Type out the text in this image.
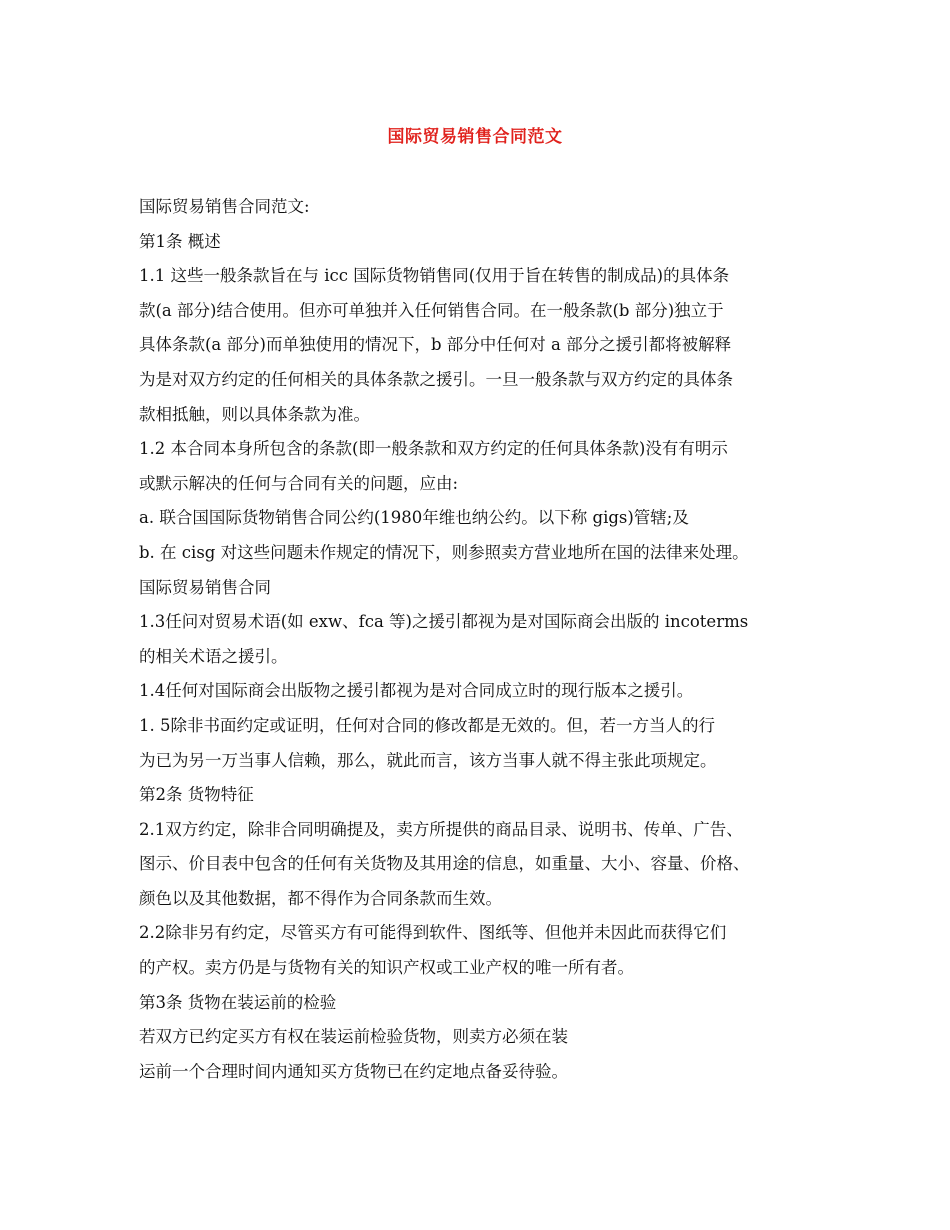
国际贸易销售合同范文
国际贸易销售合同范文:
第1条 概述
1.1 这些一般条款旨在与 icc 国际货物销售同(仅用于旨在转售的制成品)的具体条
款(a 部分)结合使用。但亦可单独并入任何销售合同。在一般条款(b 部分)独立于
具体条款(a 部分)而单独使用的情况下，b 部分中任何对 a 部分之援引都将被解释
为是对双方约定的任何相关的具体条款之援引。一旦一般条款与双方约定的具体条
款相抵触，则以具体条款为准。
1.2 本合同本身所包含的条款(即一般条款和双方约定的任何具体条款)没有有明示
或默示解决的任何与合同有关的问题，应由:
a. 联合国国际货物销售合同公约(1980年维也纳公约。以下称 gigs)管辖;及
b. 在 cisg 对这些问题未作规定的情况下，则参照卖方营业地所在国的法律来处理。
国际贸易销售合同
1.3任问对贸易术语(如 exw、fca 等)之援引都视为是对国际商会出版的 incoterms
的相关术语之援引。
1.4任何对国际商会出版物之援引都视为是对合同成立时的现行版本之援引。
1. 5除非书面约定或证明，任何对合同的修改都是无效的。但，若一方当人的行
为已为另一万当事人信赖，那么，就此而言，该方当事人就不得主张此项规定。
第2条 货物特征
2.1双方约定，除非合同明确提及，卖方所提供的商品目录、说明书、传单、广告、
图示、价目表中包含的任何有关货物及其用途的信息，如重量、大小、容量、价格、
颜色以及其他数据，都不得作为合同条款而生效。
2.2除非另有约定，尽管买方有可能得到软件、图纸等、但他并未因此而获得它们
的产权。卖方仍是与货物有关的知识产权或工业产权的唯一所有者。
第3条 货物在装运前的检验
若双方已约定买方有权在装运前检验货物，则卖方必须在装
运前一个合理时间内通知买方货物已在约定地点备妥待验。
